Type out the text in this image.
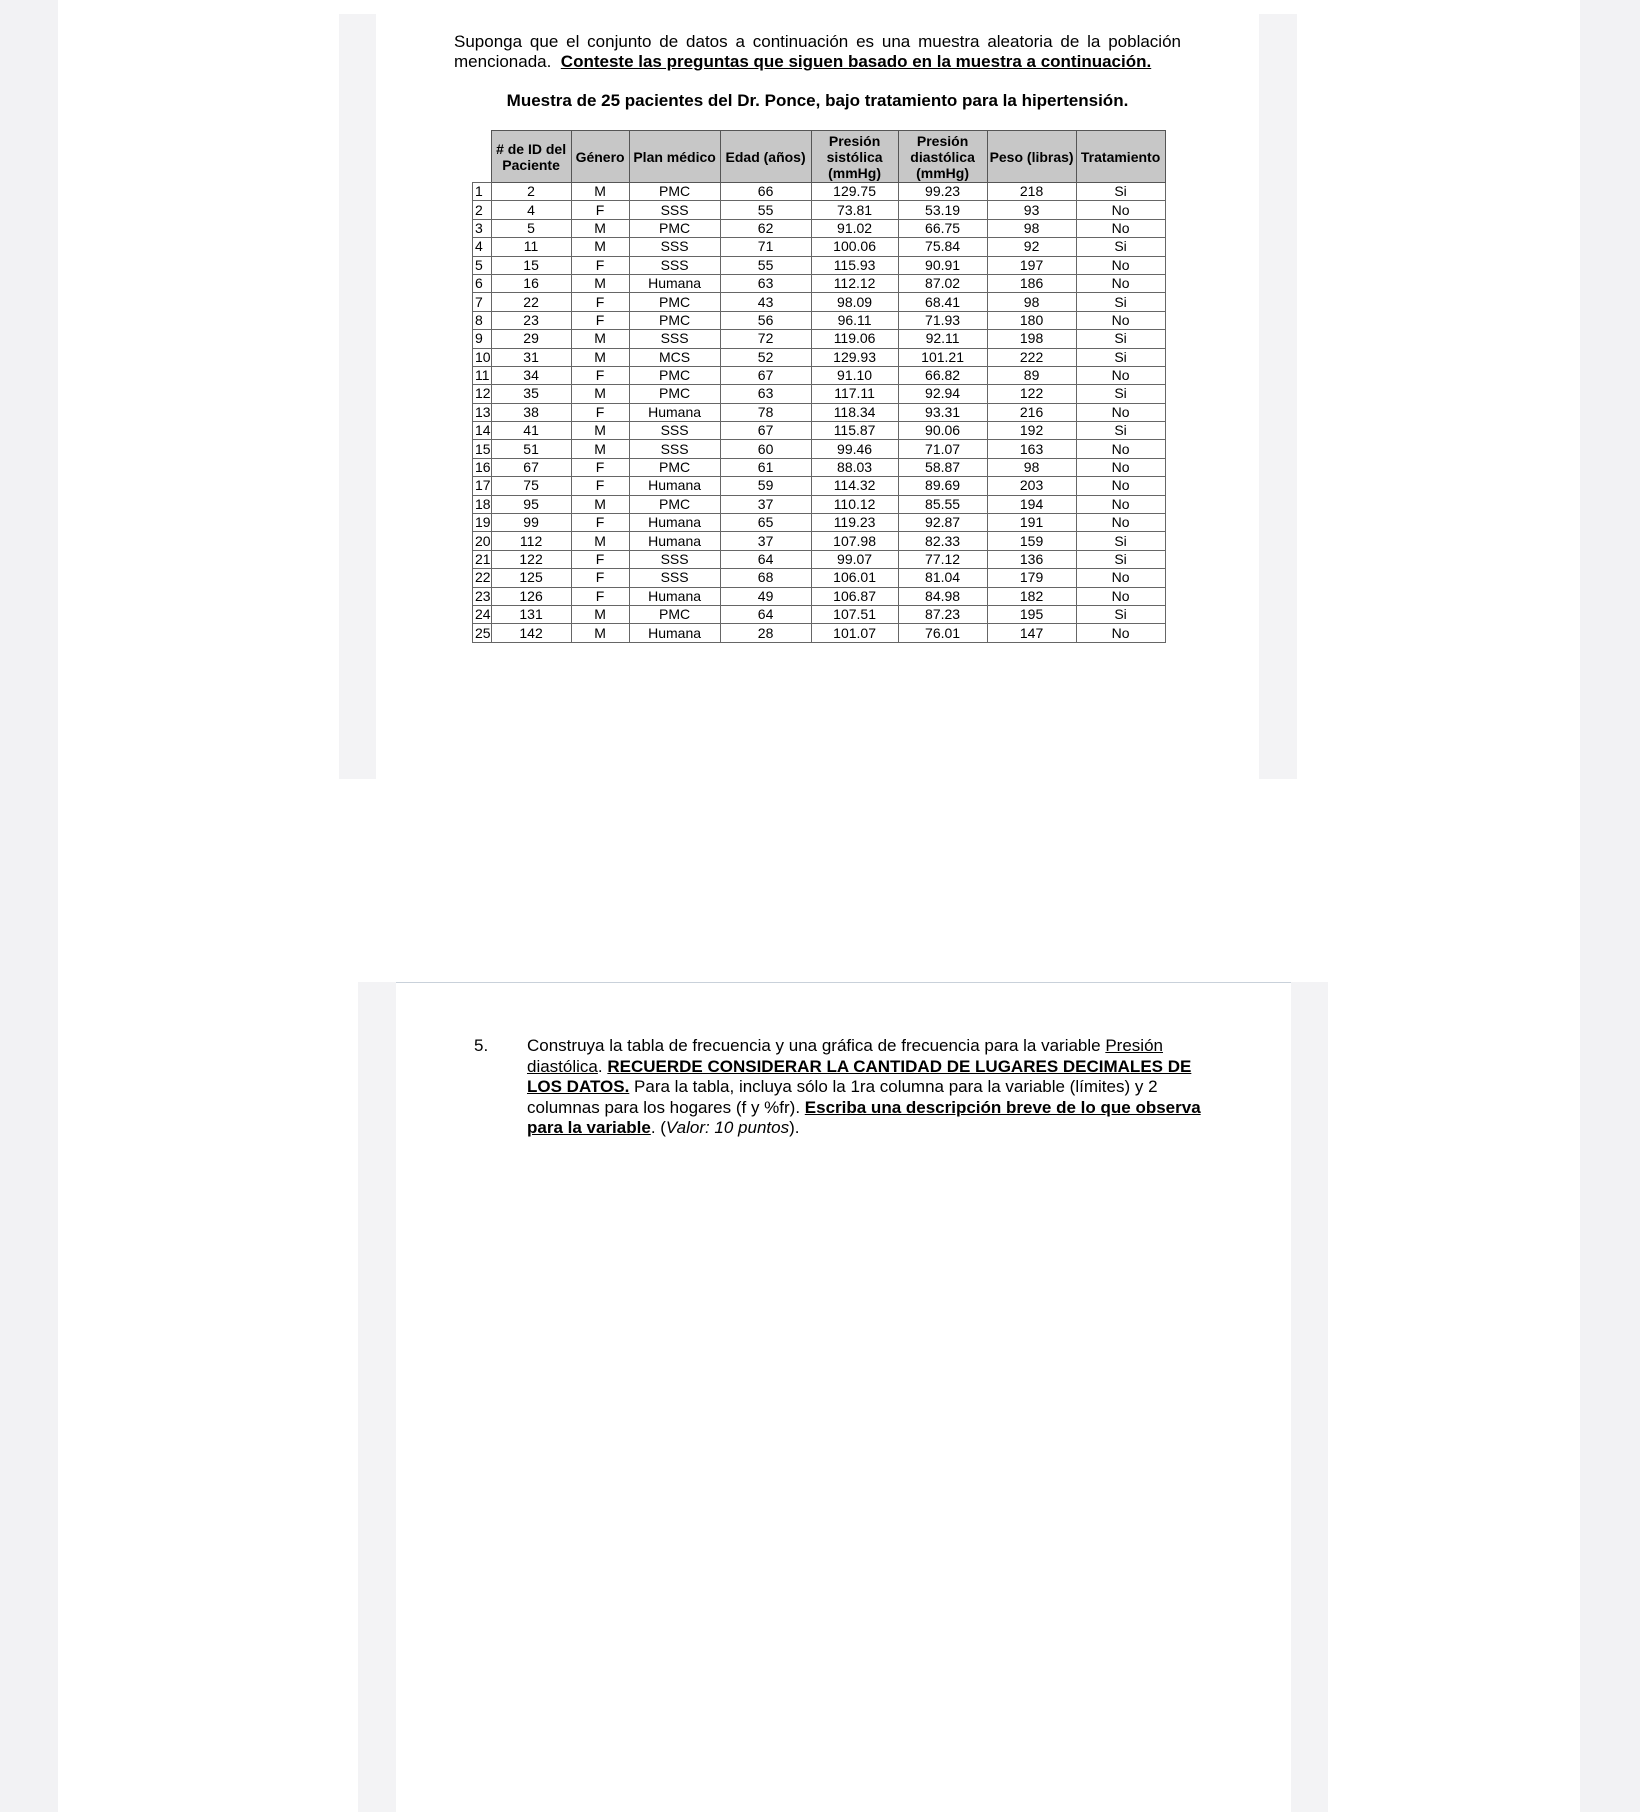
Suponga que el conjunto de datos a continuación es una muestra aleatoria de la población mencionada. Conteste las preguntas que siguen basado en la muestra a continuación.
Muestra de 25 pacientes del Dr. Ponce, bajo tratamiento para la hipertensión.
	# de ID del Paciente	Género	Plan médico	Edad (años)	Presión sistólica (mmHg)	Presión diastólica (mmHg)	Peso (libras)	Tratamiento
1	2	M	PMC	66	129.75	99.23	218	Si
2	4	F	SSS	55	73.81	53.19	93	No
3	5	M	PMC	62	91.02	66.75	98	No
4	11	M	SSS	71	100.06	75.84	92	Si
5	15	F	SSS	55	115.93	90.91	197	No
6	16	M	Humana	63	112.12	87.02	186	No
7	22	F	PMC	43	98.09	68.41	98	Si
8	23	F	PMC	56	96.11	71.93	180	No
9	29	M	SSS	72	119.06	92.11	198	Si
10	31	M	MCS	52	129.93	101.21	222	Si
11	34	F	PMC	67	91.10	66.82	89	No
12	35	M	PMC	63	117.11	92.94	122	Si
13	38	F	Humana	78	118.34	93.31	216	No
14	41	M	SSS	67	115.87	90.06	192	Si
15	51	M	SSS	60	99.46	71.07	163	No
16	67	F	PMC	61	88.03	58.87	98	No
17	75	F	Humana	59	114.32	89.69	203	No
18	95	M	PMC	37	110.12	85.55	194	No
19	99	F	Humana	65	119.23	92.87	191	No
20	112	M	Humana	37	107.98	82.33	159	Si
21	122	F	SSS	64	99.07	77.12	136	Si
22	125	F	SSS	68	106.01	81.04	179	No
23	126	F	Humana	49	106.87	84.98	182	No
24	131	M	PMC	64	107.51	87.23	195	Si
25	142	M	Humana	28	101.07	76.01	147	No
5. Construya la tabla de frecuencia y una gráfica de frecuencia para la variable Presión diastólica. RECUERDE CONSIDERAR LA CANTIDAD DE LUGARES DECIMALES DE LOS DATOS. Para la tabla, incluya sólo la 1ra columna para la variable (límites) y 2 columnas para los hogares (f y %fr). Escriba una descripción breve de lo que observa para la variable. (Valor: 10 puntos).
